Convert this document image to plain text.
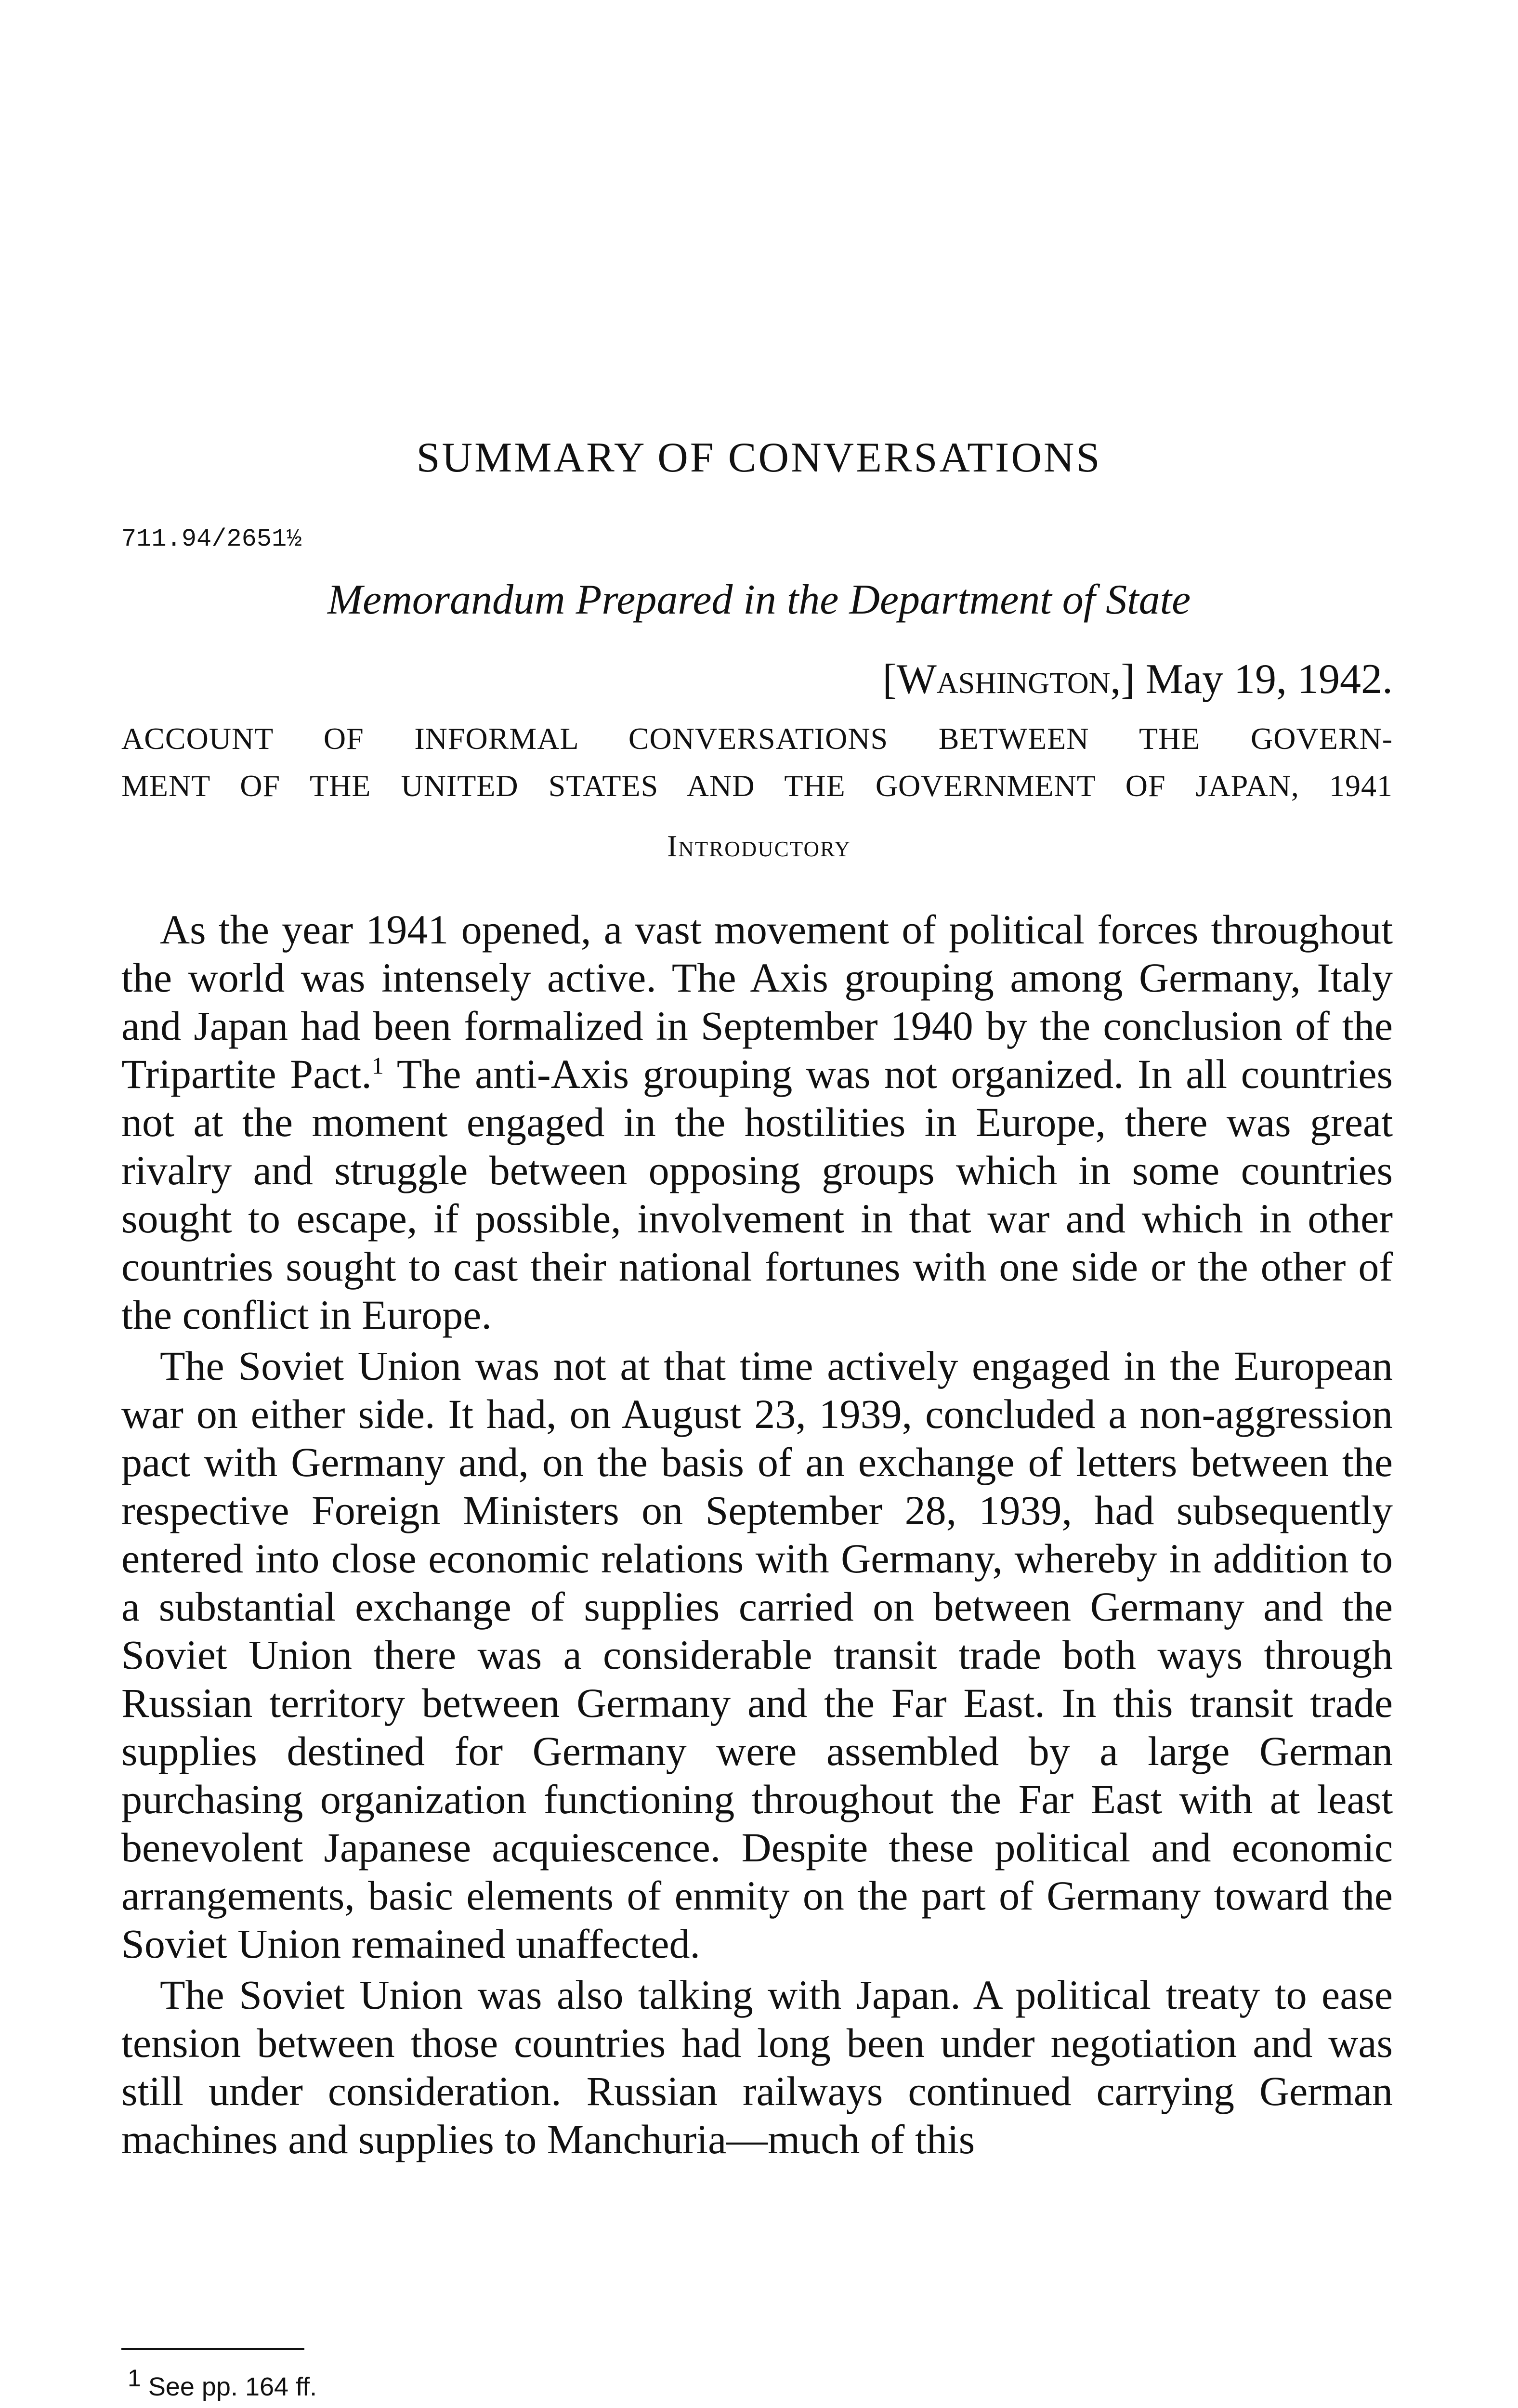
SUMMARY OF CONVERSATIONS
711.94/2651½
Memorandum Prepared in the Department of State
[Washington,] May 19, 1942.
ACCOUNT OF INFORMAL CONVERSATIONS BETWEEN THE GOVERN-
MENT OF THE UNITED STATES AND THE GOVERNMENT OF JAPAN, 1941
Introductory

As the year 1941 opened, a vast movement of political forces throughout the world was intensely active. The Axis grouping among Germany, Italy and Japan had been formalized in September 1940 by the conclusion of the Tripartite Pact.$^1$ The anti-Axis grouping was not organized. In all countries not at the moment engaged in the hostilities in Europe, there was great rivalry and struggle between opposing groups which in some countries sought to escape, if possible, involvement in that war and which in other countries sought to cast their national fortunes with one side or the other of the conflict in Europe.

The Soviet Union was not at that time actively engaged in the European war on either side. It had, on August 23, 1939, concluded a non-aggression pact with Germany and, on the basis of an exchange of letters between the respective Foreign Ministers on September 28, 1939, had subsequently entered into close economic relations with Germany, whereby in addition to a substantial exchange of supplies carried on between Germany and the Soviet Union there was a considerable transit trade both ways through Russian territory between Germany and the Far East. In this transit trade supplies destined for Germany were assembled by a large German purchasing organization functioning throughout the Far East with at least benevolent Japanese acquiescence. Despite these political and economic arrangements, basic elements of enmity on the part of Germany toward the Soviet Union remained unaffected.

The Soviet Union was also talking with Japan. A political treaty to ease tension between those countries had long been under negotiation and was still under consideration. Russian railways continued carrying German machines and supplies to Manchuria—much of this

$^1$ See pp. 164 ff.
